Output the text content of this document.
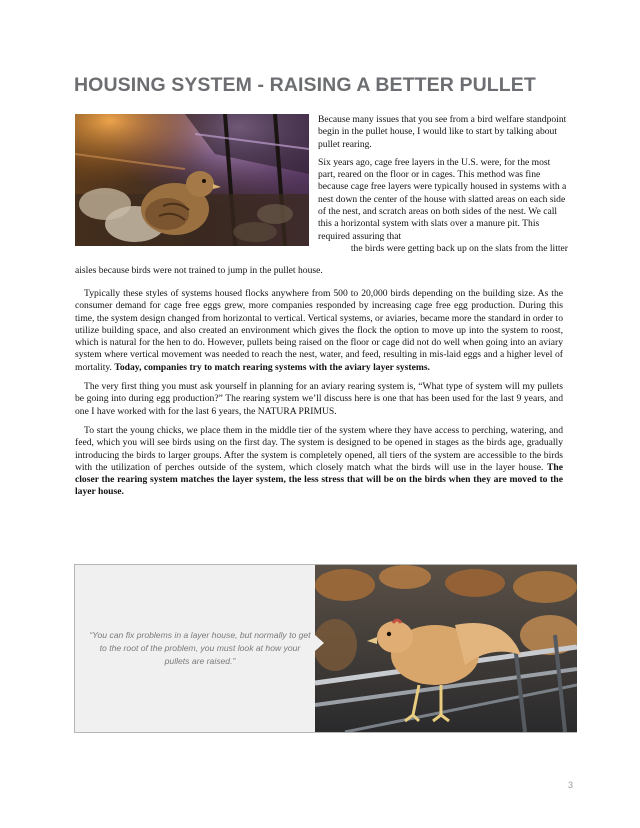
HOUSING SYSTEM - RAISING A BETTER PULLET

Because many issues that you see from a bird welfare standpoint begin in the pullet house, I would like to start by talking about pullet rearing.

Six years ago, cage free layers in the U.S. were, for the most part, reared on the floor or in cages. This method was fine because cage free layers were typically housed in systems with a nest down the center of the house with slatted areas on each side of the nest, and scratch areas on both sides of the nest. We call this a horizontal system with slats over a manure pit. This required assuring that

the birds were getting back up on the slats from the litter

aisles because birds were not trained to jump in the pullet house.

Typically these styles of systems housed flocks anywhere from 500 to 20,000 birds depending on the building size. As the consumer demand for cage free eggs grew, more companies responded by increasing cage free egg production. During this time, the system design changed from horizontal to vertical. Vertical systems, or aviaries, became more the standard in order to utilize building space, and also created an environment which gives the flock the option to move up into the system to roost, which is natural for the hen to do. However, pullets being raised on the floor or cage did not do well when going into an aviary system where vertical movement was needed to reach the nest, water, and feed, resulting in mis-laid eggs and a higher level of mortality. Today, companies try to match rearing systems with the aviary layer systems.

The very first thing you must ask yourself in planning for an aviary rearing system is, “What type of system will my pullets be going into during egg production?” The rearing system we’ll discuss here is one that has been used for the last 9 years, and one I have worked with for the last 6 years, the NATURA PRIMUS.

To start the young chicks, we place them in the middle tier of the system where they have access to perching, watering, and feed, which you will see birds using on the first day. The system is designed to be opened in stages as the birds age, gradually introducing the birds to larger groups. After the system is completely opened, all tiers of the system are accessible to the birds with the utilization of perches outside of the system, which closely match what the birds will use in the layer house. The closer the rearing system matches the layer system, the less stress that will be on the birds when they are moved to the layer house.

“You can fix problems in a layer house, but normally to get to the root of the problem, you must look at how your pullets are raised.”
3
